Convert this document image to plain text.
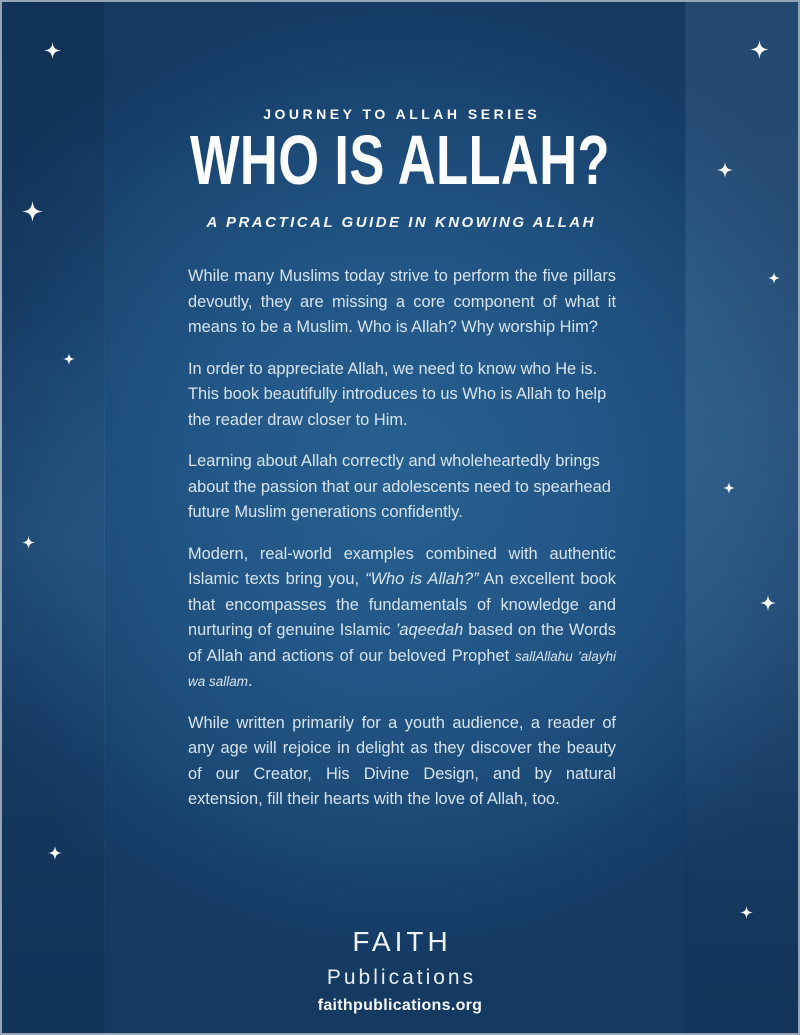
JOURNEY TO ALLAH SERIES
WHO IS ALLAH?
A PRACTICAL GUIDE IN KNOWING ALLAH

While many Muslims today strive to perform the five pillars devoutly, they are missing a core component of what it means to be a Muslim. Who is Allah? Why worship Him?

In order to appreciate Allah, we need to know who He is.
This book beautifully introduces to us Who is Allah to help the reader draw closer to Him.

Learning about Allah correctly and wholeheartedly brings about the passion that our adolescents need to spearhead future Muslim generations confidently.

Modern, real-world examples combined with authentic Islamic texts bring you, “Who is Allah?” An excellent book that encompasses the fundamentals of knowledge and nurturing of genuine Islamic ’aqeedah based on the Words of Allah and actions of our beloved Prophet sallAllahu ’alayhi wa sallam.

While written primarily for a youth audience, a reader of any age will rejoice in delight as they discover the beauty of our Creator, His Divine Design, and by natural extension, fill their hearts with the love of Allah, too.

FAITH
Publications
faithpublications.org
